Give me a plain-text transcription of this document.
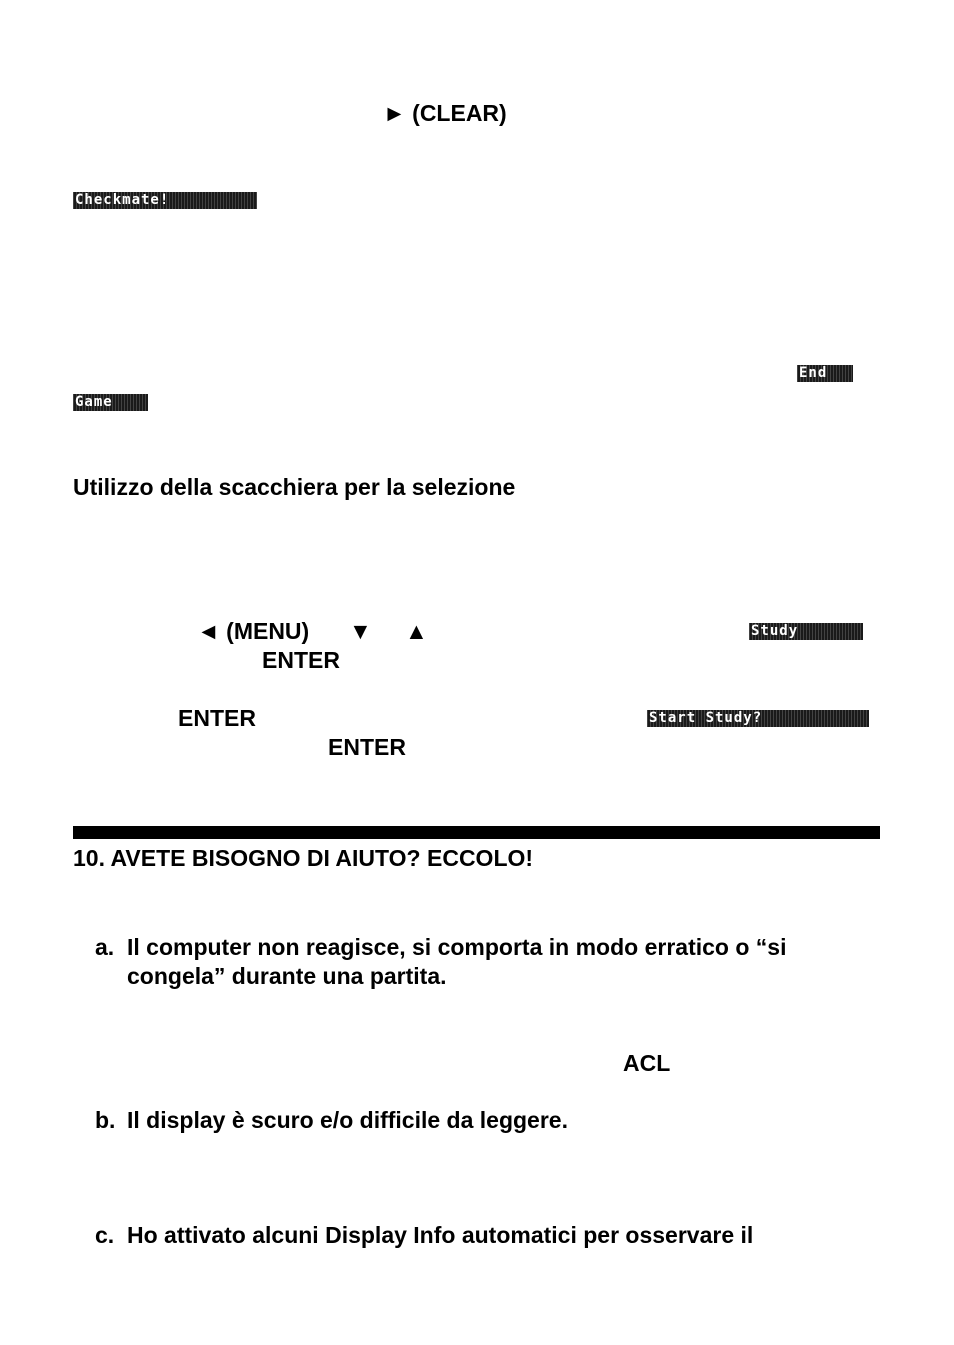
► (CLEAR)
Checkmate!
End
Game
Utilizzo della scacchiera per la selezione
◄ (MENU) ▼ ▲	Study
ENTER
ENTER	Start Study?
ENTER
10. AVETE BISOGNO DI AIUTO? ECCOLO!
a. Il computer non reagisce, si comporta in modo erratico o “si congela” durante una partita.
ACL
b. Il display è scuro e/o difficile da leggere.
c. Ho attivato alcuni Display Info automatici per osservare il
